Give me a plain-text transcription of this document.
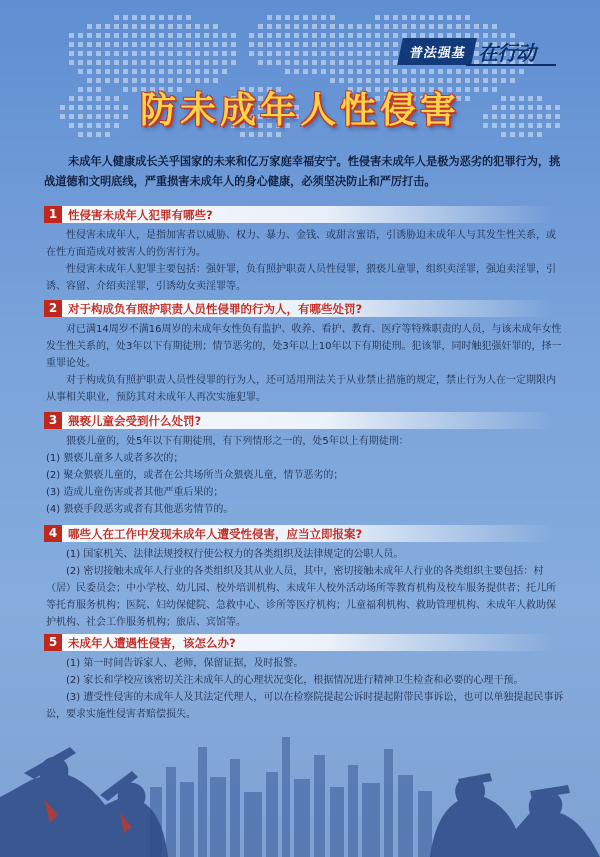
普法强基 在行动
防未成年人性侵害
未成年人健康成长关乎国家的未来和亿万家庭幸福安宁。性侵害未成年人是极为恶劣的犯罪行为，挑战道德和文明底线，严重损害未成年人的身心健康，必须坚决防止和严厉打击。
1 性侵害未成年人犯罪有哪些?

性侵害未成年人，是指加害者以威胁、权力、暴力、金钱、或甜言蜜语，引诱胁迫未成年人与其发生性关系，或在性方面造成对被害人的伤害行为。

性侵害未成年人犯罪主要包括：强奸罪，负有照护职责人员性侵罪，猥亵儿童罪，组织卖淫罪，强迫卖淫罪，引诱、容留、介绍卖淫罪，引诱幼女卖淫罪等。

2 对于构成负有照护职责人员性侵罪的行为人，有哪些处罚?

对已满14周岁不满16周岁的未成年女性负有监护、收养、看护、教育、医疗等特殊职责的人员，与该未成年女性发生性关系的，处3年以下有期徒刑；情节恶劣的，处3年以上10年以下有期徒刑。犯该罪，同时触犯强奸罪的，择一重罪论处。

对于构成负有照护职责人员性侵罪的行为人，还可适用刑法关于从业禁止措施的规定，禁止行为人在一定期限内从事相关职业，预防其对未成年人再次实施犯罪。

3 猥亵儿童会受到什么处罚?

猥亵儿童的，处5年以下有期徒刑，有下列情形之一的，处5年以上有期徒刑：

(1) 猥亵儿童多人或者多次的；

(2) 聚众猥亵儿童的，或者在公共场所当众猥亵儿童，情节恶劣的；

(3) 造成儿童伤害或者其他严重后果的；

(4) 猥亵手段恶劣或者有其他恶劣情节的。

4 哪些人在工作中发现未成年人遭受性侵害，应当立即报案?

(1) 国家机关、法律法规授权行使公权力的各类组织及法律规定的公职人员。

(2) 密切接触未成年人行业的各类组织及其从业人员，其中，密切接触未成年人行业的各类组织主要包括：村（居）民委员会；中小学校、幼儿园、校外培训机构、未成年人校外活动场所等教育机构及校车服务提供者；托儿所等托育服务机构；医院、妇幼保健院、急救中心、诊所等医疗机构；儿童福利机构、救助管理机构、未成年人救助保护机构、社会工作服务机构；旅店、宾馆等。

5 未成年人遭遇性侵害，该怎么办?

(1) 第一时间告诉家人、老师，保留证据，及时报警。

(2) 家长和学校应该密切关注未成年人的心理状况变化，根据情况进行精神卫生检查和必要的心理干预。

(3) 遭受性侵害的未成年人及其法定代理人，可以在检察院提起公诉时提起附带民事诉讼，也可以单独提起民事诉讼，要求实施性侵害者赔偿损失。
